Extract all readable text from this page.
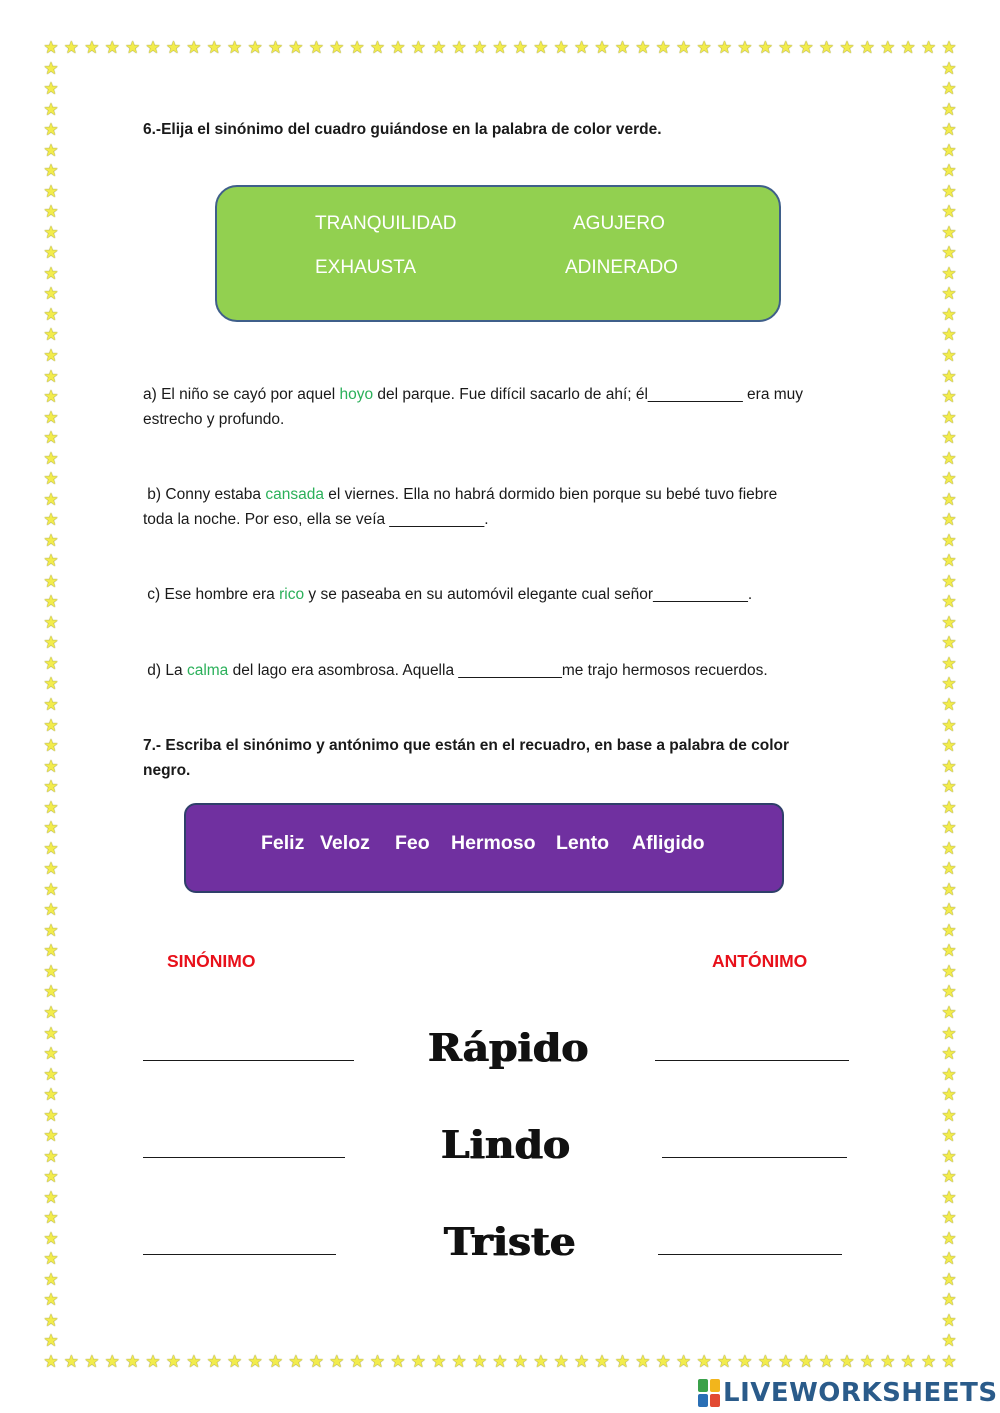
★
★
★
★
★
★
★
★
★
★
★
★
★
★
★
★
★
★
★
★
★
★
★
★
★
★
★
★
★
★
★
★
★
★
★
★
★
★
★
★
★
★
★
★
★
★
★
★
★
★
★
★
★
★
★
★
★
★
★
★
★
★
★
★
★
★
★
★
★
★
★
★
★
★
★
★
★
★
★
★
★
★
★
★
★
★
★
★
★
★
★	★
★	★
★	★
★	★
★	★
★	★
★	★
★	★
★	★
★	★
★	★
★	★
★	★
★	★
★	★
★	★
★	★
★	★
★	★
★	★
★	★
★	★
★	★
★	★
★	★
★	★
★	★
★	★
★	★
★	★
★	★
★	★
★	★
★	★
★	★
★	★
★	★
★	★
★	★
★	★
★	★
★	★
★	★
★	★
★	★
★	★
★	★
★	★
★	★
★	★
★	★
★	★
★	★
★	★
★	★
★	★
★	★
★	★
★	★
★	★
★	★
★	★
★	★
6.-Elija el sinónimo del cuadro guiándose en la palabra de color verde.
TRANQUILIDAD	AGUJERO
EXHAUSTA	ADINERADO
a) El niño se cayó por aquel hoyo del parque. Fue difícil sacarlo de ahí; él___________ era muy
estrecho y profundo.
b) Conny estaba cansada el viernes. Ella no habrá dormido bien porque su bebé tuvo fiebre
toda la noche. Por eso, ella se veía ___________.
c) Ese hombre era rico y se paseaba en su automóvil elegante cual señor___________.
d) La calma del lago era asombrosa. Aquella ____________me trajo hermosos recuerdos.
7.- Escriba el sinónimo y antónimo que están en el recuadro, en base a palabra de color
negro.
Feliz Veloz Feo Hermoso Lento Afligido
SINÓNIMO	ANTÓNIMO
Rápido
Lindo
Triste
LIVEWORKSHEETS
